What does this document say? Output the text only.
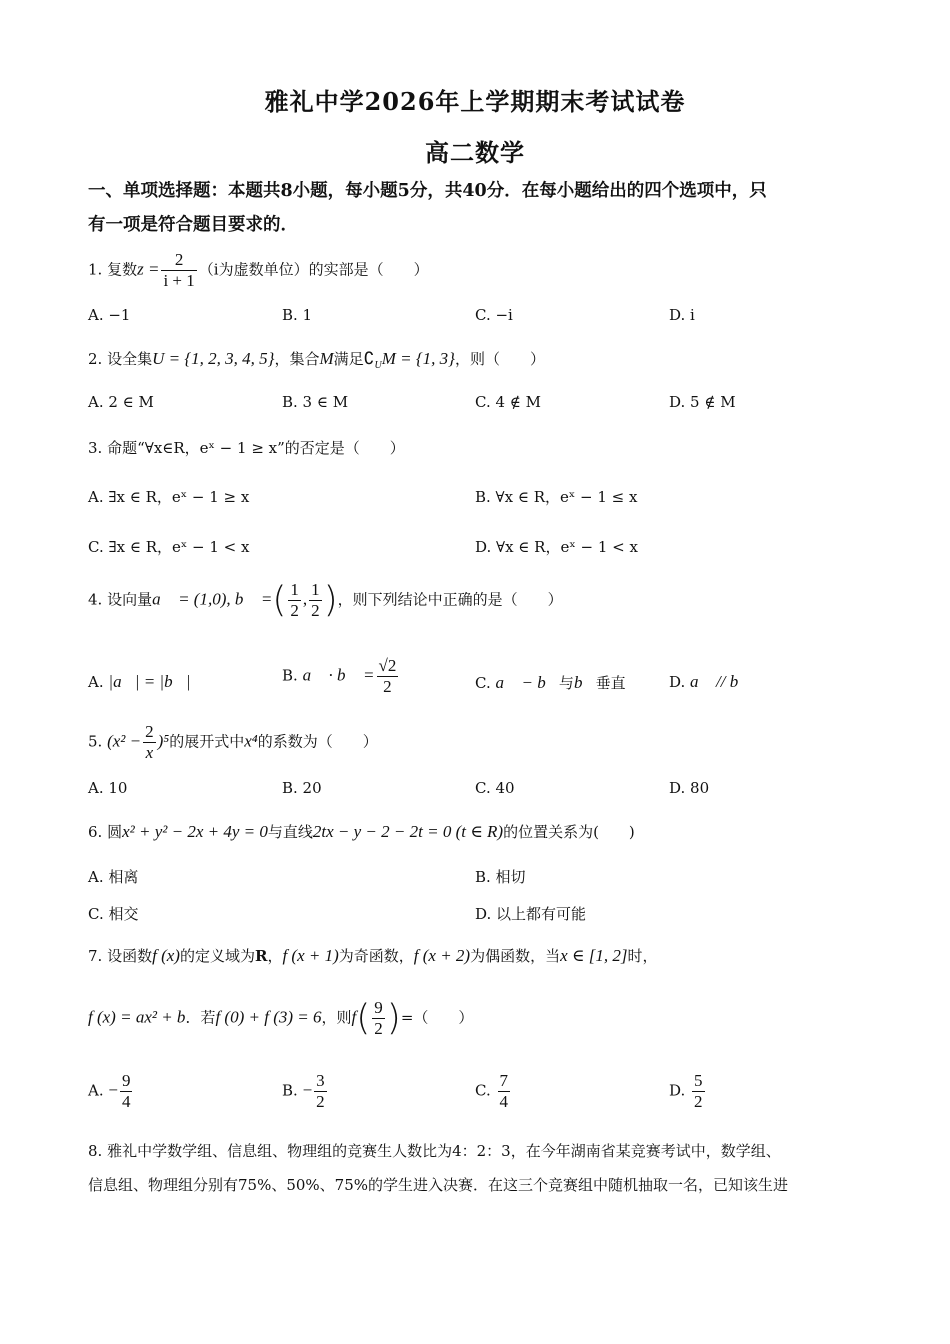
雅礼中学2026年上学期期末考试试卷
高二数学
一、单项选择题：本题共8小题，每小题5分，共40分．在每小题给出的四个选项中，只
有一项是符合题目要求的．
1. 复数$z = \frac{2}{i + 1} (i$为虚数单位）的实部是（　　）
A. −1	B. 1	C. −i	D. i
2. 设全集U = {1, 2, 3, 4, 5}，集合M满足$∁_UM = \{1$, 3}，则（　　）
A. 2 ∈ M	B. 3 ∈ M	C. 4 ∉ M	D. 5 ∉ M
3. 命题“∀x∈R，eˣ − 1 ≥ x”的否定是（　　）
A. ∃x ∈ R，eˣ − 1 ≥ x	B. ∀x ∈ R，eˣ − 1 ≤ x
C. ∃x ∈ R，eˣ − 1 < x	D. ∀x ∈ R，eˣ − 1 < x
4. 设向量a⃗ = (1,0), b⃗ =( $\frac{1}{2}$ , $\frac{1}{2}$ )，则下列结论中正确的是（　　）
A. |a⃗| = |b⃗|	B. a⃗ · b⃗ = $\frac{√2}{2}$	C. a⃗ − b⃗与b⃗垂直	D. a⃗ // b⃗
5. $(x^2 - \frac{2}{x} )^5$的展开式中x⁴的系数为（　　）
A. 10	B. 20	C. 40	D. 80
6. 圆x² + y² − 2x + 4y = 0与直线2tx − y − 2 − 2t = 0 (t ∈ R)的位置关系为(　　)
A. 相离	B. 相切
C. 相交	D. 以上都有可能
7. 设函数f (x)的定义域为R，f (x + 1)为奇函数，f (x + 2)为偶函数，当x ∈ [1, 2]时，
f (x) = ax² + b．若f (0) + f (3) = 6，则$f( \frac{9}{2}$ )=（　　）
A. − $\frac{9}{4}$	B. − $\frac{3}{2}$	C. $\frac{7}{4}$	D. $\frac{5}{2}$
8. 雅礼中学数学组、信息组、物理组的竞赛生人数比为4：2：3，在今年湖南省某竞赛考试中，数学组、
信息组、物理组分别有75%、50%、75%的学生进入决赛．在这三个竞赛组中随机抽取一名，已知该生进
